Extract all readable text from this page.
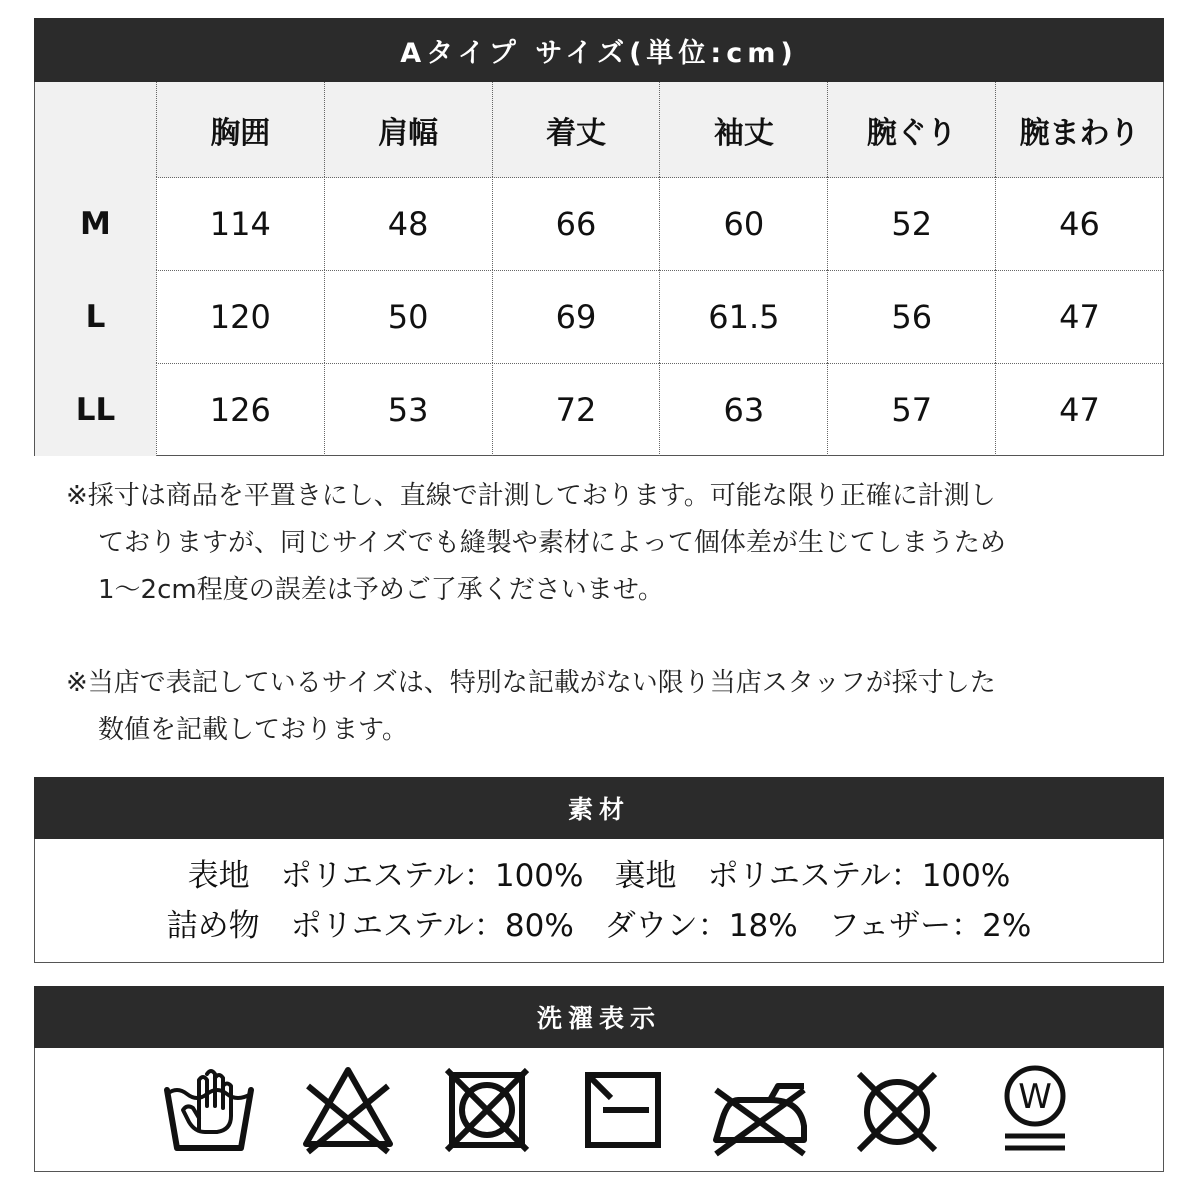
Aタイプ サイズ(単位:cm)
胸囲	肩幅	着丈	袖丈	腕ぐり	腕まわり
M	114	48	66	60	52	46
L	120	50	69	61.5	56	47
LL	126	53	72	63	57	47
※採寸は商品を平置きにし、直線で計測しております。可能な限り正確に計測し
ておりますが、同じサイズでも縫製や素材によって個体差が生じてしまうため
1～2cm程度の誤差は予めご了承くださいませ。
※当店で表記しているサイズは、特別な記載がない限り当店スタッフが採寸した
数値を記載しております。
素材
表地　ポリエステル：100%　裏地　ポリエステル：100%
詰め物　ポリエステル：80%　ダウン：18%　フェザー：2%
洗濯表示
W
